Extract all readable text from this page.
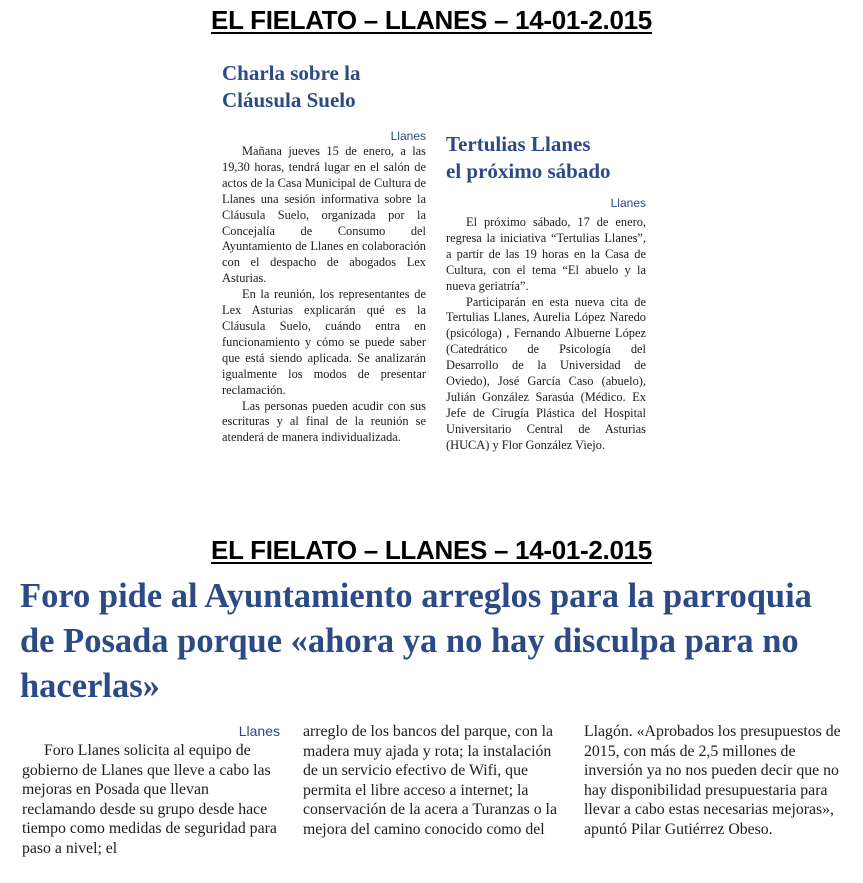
EL FIELATO – LLANES – 14-01-2.015
Charla sobre la
Cláusula Suelo
Llanes

Mañana jueves 15 de enero, a las 19,30 horas, tendrá lugar en el salón de actos de la Casa Municipal de Cultura de Llanes una sesión informativa sobre la Cláusula Suelo, organizada por la Concejalía de Consumo del Ayuntamiento de Llanes en colaboración con el despacho de abogados Lex Asturias.

En la reunión, los representantes de Lex Asturias explicarán qué es la Cláusula Suelo, cuándo entra en funcionamiento y cómo se puede saber que está siendo aplicada. Se analizarán igualmente los modos de presentar reclamación.

Las personas pueden acudir con sus escrituras y al final de la reunión se atenderá de manera individualizada.

Tertulias Llanes
el próximo sábado
Llanes

El próximo sábado, 17 de enero, regresa la iniciativa “Tertulias Llanes”, a partir de las 19 horas en la Casa de Cultura, con el tema “El abuelo y la nueva geriatría”.

Participarán en esta nueva cita de Tertulias Llanes, Aurelia López Naredo (psicóloga) , Fernando Albuerne López (Catedrático de Psicología del Desarrollo de la Universidad de Oviedo), José García Caso (abuelo), Julián González Sarasúa (Médico. Ex Jefe de Cirugía Plástica del Hospital Universitario Central de Asturias (HUCA) y Flor González Viejo.

EL FIELATO – LLANES – 14-01-2.015
Foro pide al Ayuntamiento arreglos para la parroquia de Posada porque «ahora ya no hay disculpa para no hacerlas»
Llanes

Foro Llanes solicita al equipo de gobierno de Llanes que lleve a cabo las mejoras en Posada que llevan reclamando desde su grupo desde hace tiempo como medidas de seguridad para paso a nivel; el

arreglo de los bancos del parque, con la madera muy ajada y rota; la instalación de un servicio efectivo de Wifi, que permita el libre acceso a internet; la conservación de la acera a Turanzas o la mejora del camino conocido como del

Llagón. «Aprobados los presupuestos de 2015, con más de 2,5 millones de inversión ya no nos pueden decir que no hay disponibilidad presupuestaria para llevar a cabo estas necesarias mejoras», apuntó Pilar Gutiérrez Obeso.
